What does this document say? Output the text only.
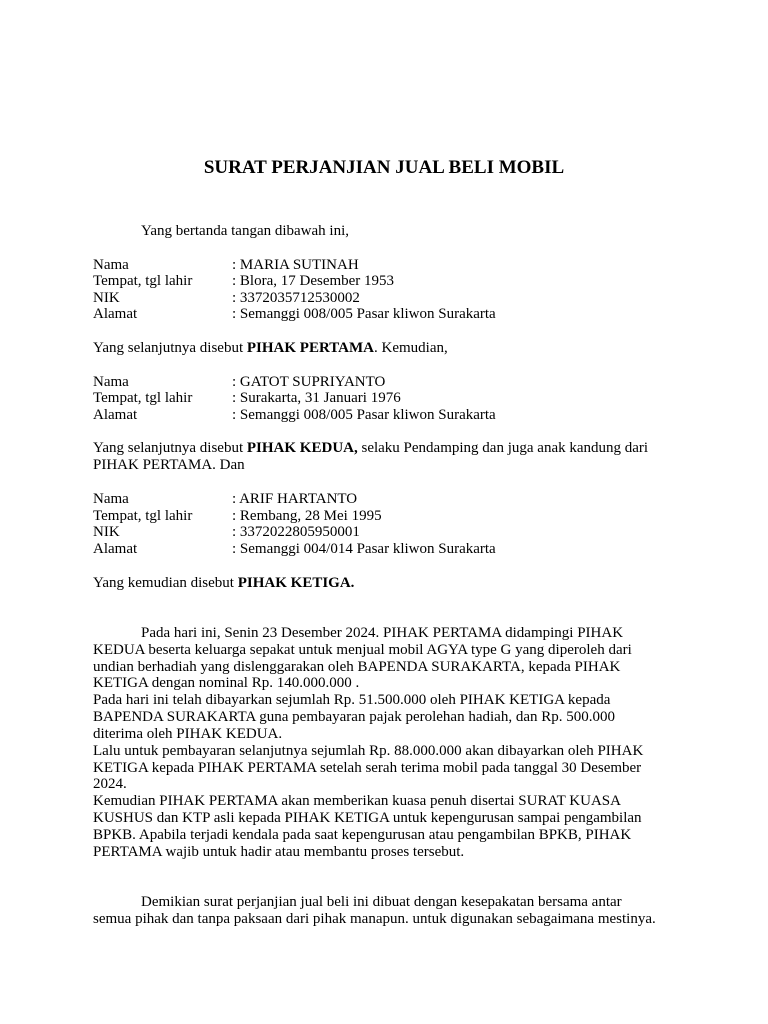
SURAT PERJANJIAN JUAL BELI MOBIL
Yang bertanda tangan dibawah ini,
Nama	: MARIA SUTINAH
Tempat, tgl lahir	: Blora, 17 Desember 1953
NIK	: 3372035712530002
Alamat	: Semanggi 008/005 Pasar kliwon Surakarta
Yang selanjutnya disebut PIHAK PERTAMA. Kemudian,
Nama	: GATOT SUPRIYANTO
Tempat, tgl lahir	: Surakarta, 31 Januari 1976
Alamat	: Semanggi 008/005 Pasar kliwon Surakarta
Yang selanjutnya disebut PIHAK KEDUA, selaku Pendamping dan juga anak kandung dari
PIHAK PERTAMA. Dan
Nama	: ARIF HARTANTO
Tempat, tgl lahir	: Rembang, 28 Mei 1995
NIK	: 3372022805950001
Alamat	: Semanggi 004/014 Pasar kliwon Surakarta
Yang kemudian disebut PIHAK KETIGA.
Pada hari ini, Senin 23 Desember 2024. PIHAK PERTAMA didampingi PIHAK
KEDUA beserta keluarga sepakat untuk menjual mobil AGYA type G yang diperoleh dari
undian berhadiah yang dislenggarakan oleh BAPENDA SURAKARTA, kepada PIHAK
KETIGA dengan nominal Rp. 140.000.000 .
Pada hari ini telah dibayarkan sejumlah Rp. 51.500.000 oleh PIHAK KETIGA kepada
BAPENDA SURAKARTA guna pembayaran pajak perolehan hadiah, dan Rp. 500.000
diterima oleh PIHAK KEDUA.
Lalu untuk pembayaran selanjutnya sejumlah Rp. 88.000.000 akan dibayarkan oleh PIHAK
KETIGA kepada PIHAK PERTAMA setelah serah terima mobil pada tanggal 30 Desember
2024.
Kemudian PIHAK PERTAMA akan memberikan kuasa penuh disertai SURAT KUASA
KUSHUS dan KTP asli kepada PIHAK KETIGA untuk kepengurusan sampai pengambilan
BPKB. Apabila terjadi kendala pada saat kepengurusan atau pengambilan BPKB, PIHAK
PERTAMA wajib untuk hadir atau membantu proses tersebut.
Demikian surat perjanjian jual beli ini dibuat dengan kesepakatan bersama antar
semua pihak dan tanpa paksaan dari pihak manapun. untuk digunakan sebagaimana mestinya.
